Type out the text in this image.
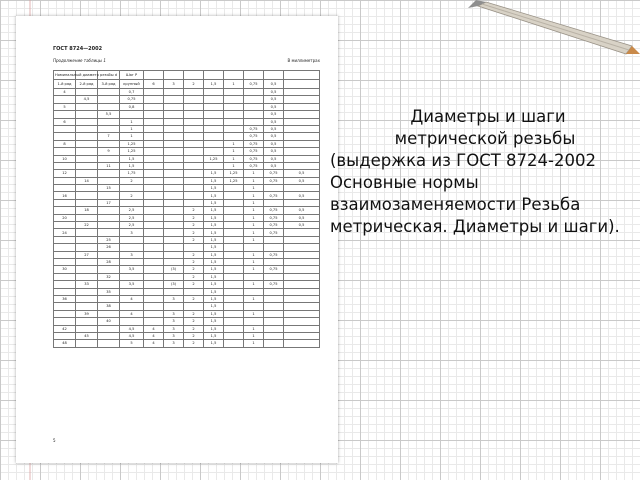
ГОСТ 8724—2002
Продолжение таблицы 1	В миллиметрах
Номинальный диаметр резьбы d			Шаг Р								
1-й ряд	2-й ряд	3-й ряд	крупный	6	3	2	1,5	1	0,75	0,5	
4			0,7							0,5	
	4,5		0,75							0,5	
5			0,8							0,5	
		5,5								0,5	
6			1							0,5	
			1						0,75	0,5	
		7	1						0,75	0,5	
8			1,25					1	0,75	0,5	
		9	1,25					1	0,75	0,5	
10			1,5				1,25	1	0,75	0,5	
		11	1,5					1	0,75	0,5	
12			1,75				1,5	1,25	1	0,75	0,5
	14		2				1,5	1,25	1	0,75	0,5
		15					1,5		1		
16			2				1,5		1	0,75	0,5
		17					1,5		1		
	18		2,5			2	1,5		1	0,75	0,5
20			2,5			2	1,5		1	0,75	0,5
	22		2,5			2	1,5		1	0,75	0,5
24			3			2	1,5		1	0,75	
		25				2	1,5		1		
		26					1,5				
	27		3			2	1,5		1	0,75	
		28				2	1,5		1		
30			3,5		(3)	2	1,5		1	0,75	
		32				2	1,5				
	33		3,5		(3)	2	1,5		1	0,75	
		35					1,5				
36			4		3	2	1,5		1		
		38					1,5				
	39		4		3	2	1,5		1		
		40			3	2	1,5				
42			4,5	4	3	2	1,5		1		
	45		4,5	4	3	2	1,5		1		
48			5	4	3	2	1,5		1		
5
Диаметры и шаги
метрической резьбы
(выдержка из ГОСТ 8724-2002 Основные нормы взаимозаменяемости Резьба метрическая. Диаметры и шаги).
